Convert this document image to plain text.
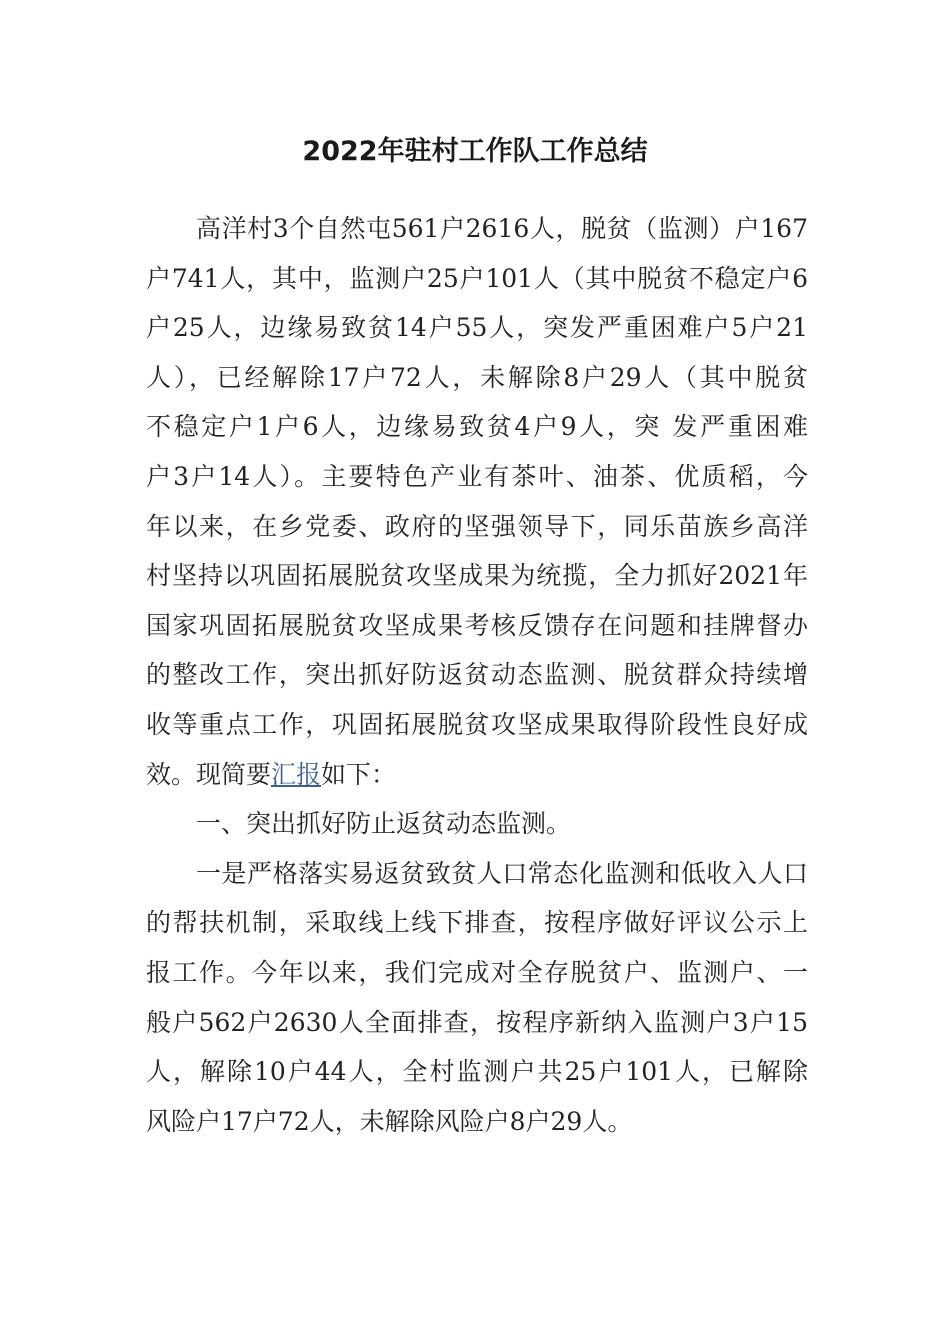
2022年驻村工作队工作总结

高洋村3个自然屯561户2616人，脱贫（监测）户167
户741人，其中，监测户25户101人（其中脱贫不稳定户6
户25人，边缘易致贫14户55人，突发严重困难户5户21
人），已经解除17户72人，未解除8户29人（其中脱贫
不稳定户1户6人，边缘易致贫4户9人，突 发严重困难
户3户14人）。主要特色产业有茶叶、油茶、优质稻，今
年以来，在乡党委、政府的坚强领导下，同乐苗族乡高洋
村坚持以巩固拓展脱贫攻坚成果为统揽，全力抓好2021年
国家巩固拓展脱贫攻坚成果考核反馈存在问题和挂牌督办
的整改工作，突出抓好防返贫动态监测、脱贫群众持续增
收等重点工作，巩固拓展脱贫攻坚成果取得阶段性良好成
效。现简要汇报如下：

一、突出抓好防止返贫动态监测。

一是严格落实易返贫致贫人口常态化监测和低收入人口
的帮扶机制，采取线上线下排查，按程序做好评议公示上
报工作。今年以来，我们完成对全存脱贫户、监测户、一
般户562户2630人全面排查，按程序新纳入监测户3户15
人，解除10户44人，全村监测户共25户101人，已解除
风险户17户72人，未解除风险户8户29人。
